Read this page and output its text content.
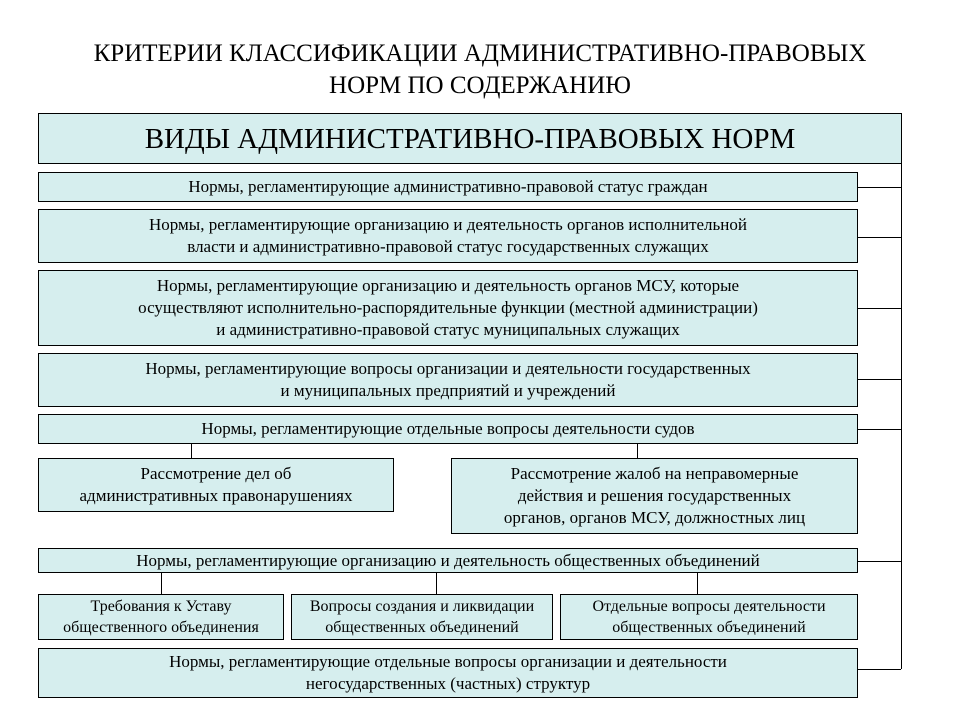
КРИТЕРИИ КЛАССИФИКАЦИИ АДМИНИСТРАТИВНО-ПРАВОВЫХ
НОРМ ПО СОДЕРЖАНИЮ
ВИДЫ АДМИНИСТРАТИВНО-ПРАВОВЫХ НОРМ
Нормы, регламентирующие административно-правовой статус граждан
Нормы, регламентирующие организацию и деятельность органов исполнительной
власти и административно-правовой статус государственных служащих
Нормы, регламентирующие организацию и деятельность органов МСУ, которые
осуществляют исполнительно-распорядительные функции (местной администрации)
и административно-правовой статус муниципальных служащих
Нормы, регламентирующие вопросы организации и деятельности государственных
и муниципальных предприятий и учреждений
Нормы, регламентирующие отдельные вопросы деятельности судов
Рассмотрение дел об
административных правонарушениях
Рассмотрение жалоб на неправомерные
действия и решения государственных
органов, органов МСУ, должностных лиц
Нормы, регламентирующие организацию и деятельность общественных объединений
Требования к Уставу
общественного объединения
Вопросы создания и ликвидации
общественных объединений
Отдельные вопросы деятельности
общественных объединений
Нормы, регламентирующие отдельные вопросы организации и деятельности
негосударственных (частных) структур
